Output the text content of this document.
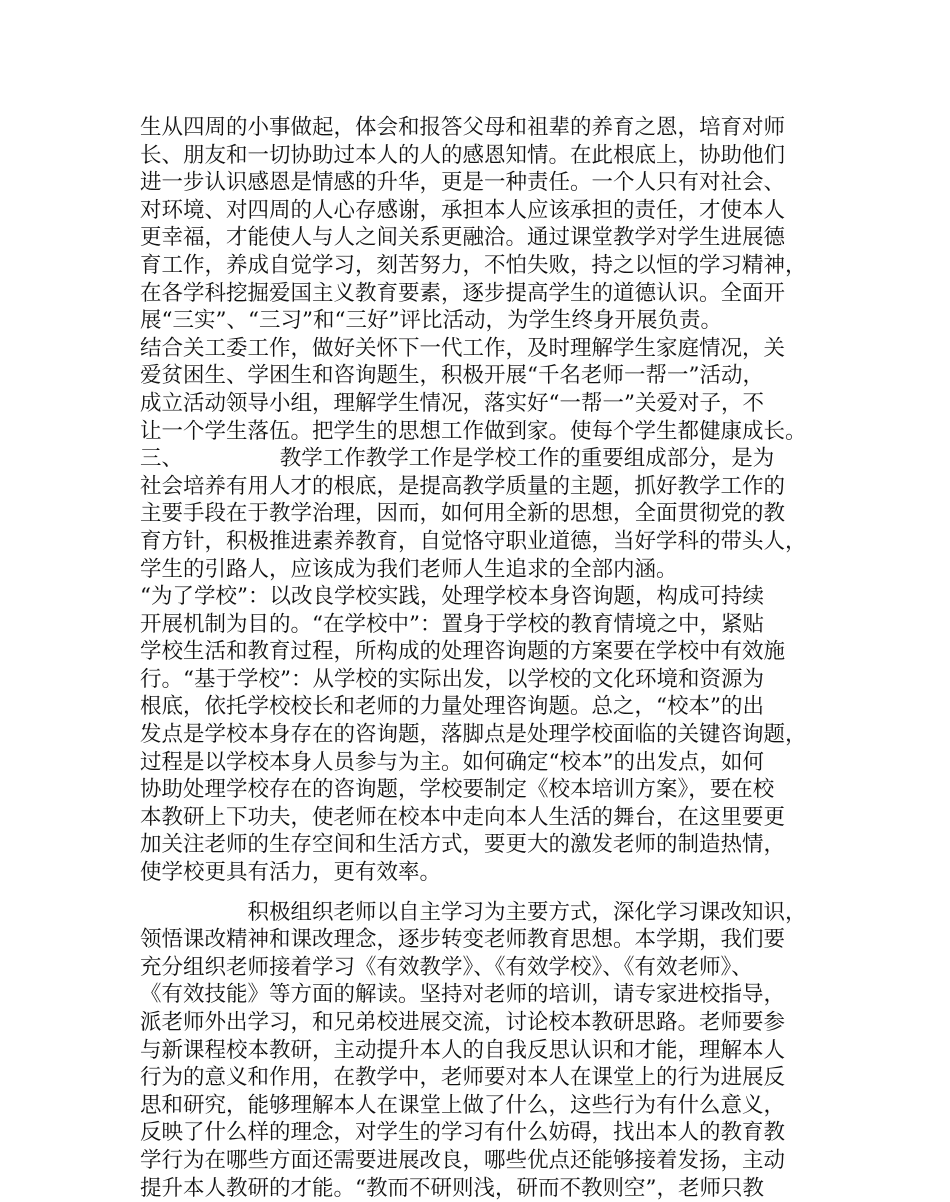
生从四周的小事做起，体会和报答父母和祖辈的养育之恩，培育对师
长、朋友和一切协助过本人的人的感恩知情。在此根底上，协助他们
进一步认识感恩是情感的升华，更是一种责任。一个人只有对社会、
对环境、对四周的人心存感谢，承担本人应该承担的责任，才使本人
更幸福，才能使人与人之间关系更融洽。通过课堂教学对学生进展德
育工作，养成自觉学习，刻苦努力，不怕失败，持之以恒的学习精神，
在各学科挖掘爱国主义教育要素，逐步提高学生的道德认识。全面开
展“三实”、“三习”和“三好”评比活动，为学生终身开展负责。
结合关工委工作，做好关怀下一代工作，及时理解学生家庭情况，关
爱贫困生、学困生和咨询题生，积极开展“千名老师一帮一”活动，
成立活动领导小组，理解学生情况，落实好“一帮一”关爱对子，不
让一个学生落伍。把学生的思想工作做到家。使每个学生都健康成长。
三、　　　　　教学工作教学工作是学校工作的重要组成部分，是为
社会培养有用人才的根底，是提高教学质量的主题，抓好教学工作的
主要手段在于教学治理，因而，如何用全新的思想，全面贯彻党的教
育方针，积极推进素养教育，自觉恪守职业道德，当好学科的带头人，
学生的引路人，应该成为我们老师人生追求的全部内涵。
“为了学校”：以改良学校实践，处理学校本身咨询题，构成可持续
开展机制为目的。“在学校中”：置身于学校的教育情境之中，紧贴
学校生活和教育过程，所构成的处理咨询题的方案要在学校中有效施
行。“基于学校”：从学校的实际出发，以学校的文化环境和资源为
根底，依托学校校长和老师的力量处理咨询题。总之，“校本”的出
发点是学校本身存在的咨询题，落脚点是处理学校面临的关键咨询题，
过程是以学校本身人员参与为主。如何确定“校本”的出发点，如何
协助处理学校存在的咨询题，学校要制定《校本培训方案》，要在校
本教研上下功夫，使老师在校本中走向本人生活的舞台，在这里要更
加关注老师的生存空间和生活方式，要更大的激发老师的制造热情，
使学校更具有活力，更有效率。
　　　　　积极组织老师以自主学习为主要方式，深化学习课改知识，
领悟课改精神和课改理念，逐步转变老师教育思想。本学期，我们要
充分组织老师接着学习《有效教学》、《有效学校》、《有效老师》、
《有效技能》等方面的解读。坚持对老师的培训，请专家进校指导，
派老师外出学习，和兄弟校进展交流，讨论校本教研思路。老师要参
与新课程校本教研，主动提升本人的自我反思认识和才能，理解本人
行为的意义和作用，在教学中，老师要对本人在课堂上的行为进展反
思和研究，能够理解本人在课堂上做了什么，这些行为有什么意义，
反映了什么样的理念，对学生的学习有什么妨碍，找出本人的教育教
学行为在哪些方面还需要进展改良，哪些优点还能够接着发扬，主动
提升本人教研的才能。“教而不研则浅，研而不教则空”，老师只教
